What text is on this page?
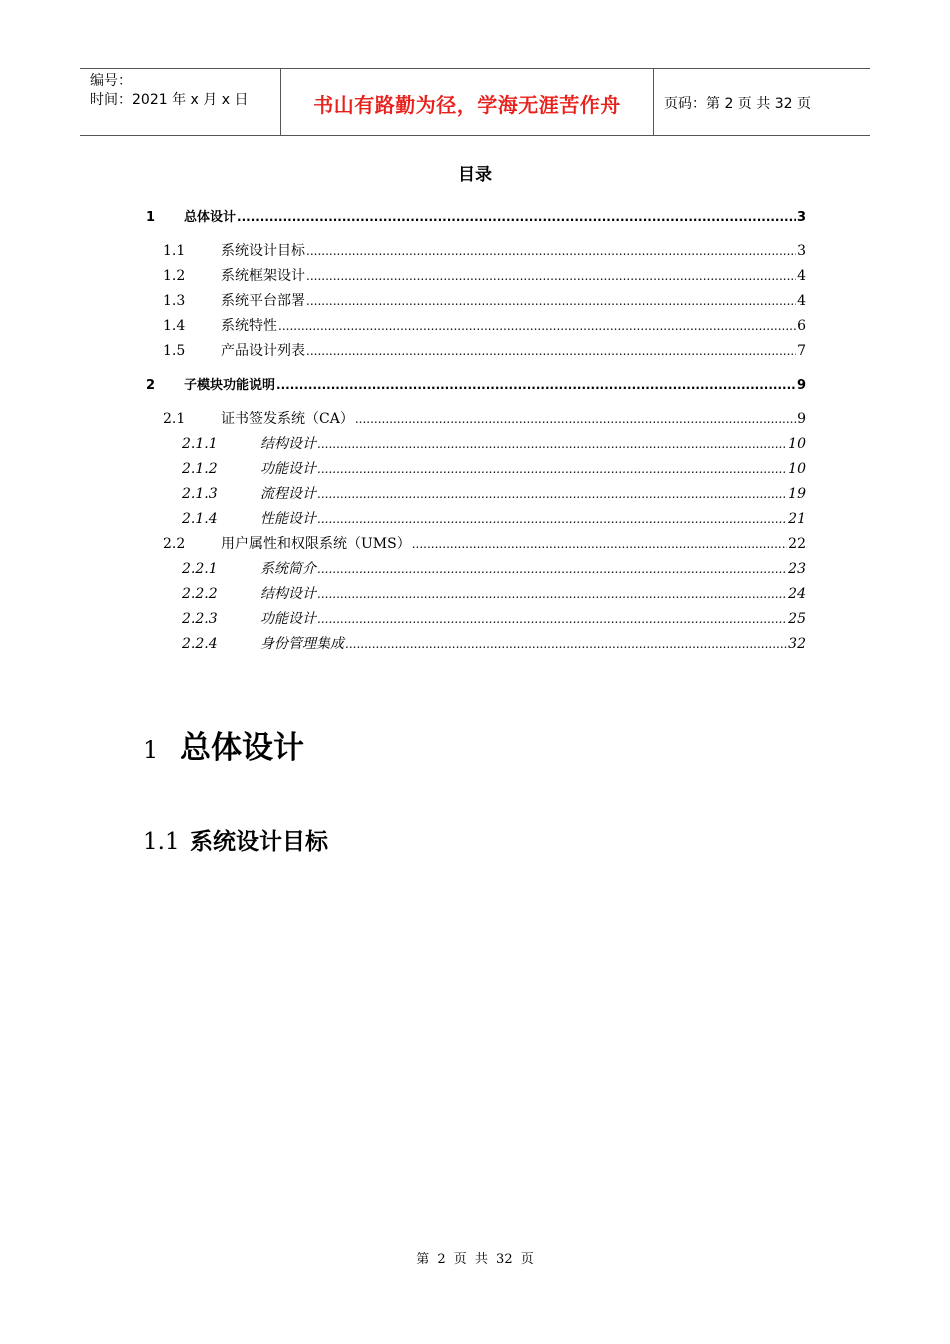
编号：
时间：2021 年 x 月 x 日	书山有路勤为径，学海无涯苦作舟	页码：第 2 页 共 32 页
目录
1	总体设计 .....	3
1.1	系统设计目标 .....	3
1.2	系统框架设计 .....	4
1.3	系统平台部署 .....	4
1.4	系统特性 .....	6
1.5	产品设计列表 .....	7
2	子模块功能说明 .....	9
2.1	证书签发系统（CA） .....	9
2.1.1	结构设计 .....	10
2.1.2	功能设计 .....	10
2.1.3	流程设计 .....	19
2.1.4	性能设计 .....	21
2.2	用户属性和权限系统（UMS） .....	22
2.2.1	系统简介 .....	23
2.2.2	结构设计 .....	24
2.2.3	功能设计 .....	25
2.2.4	身份管理集成 .....	32
1 总体设计
1.1 系统设计目标
第 2 页 共 32 页
